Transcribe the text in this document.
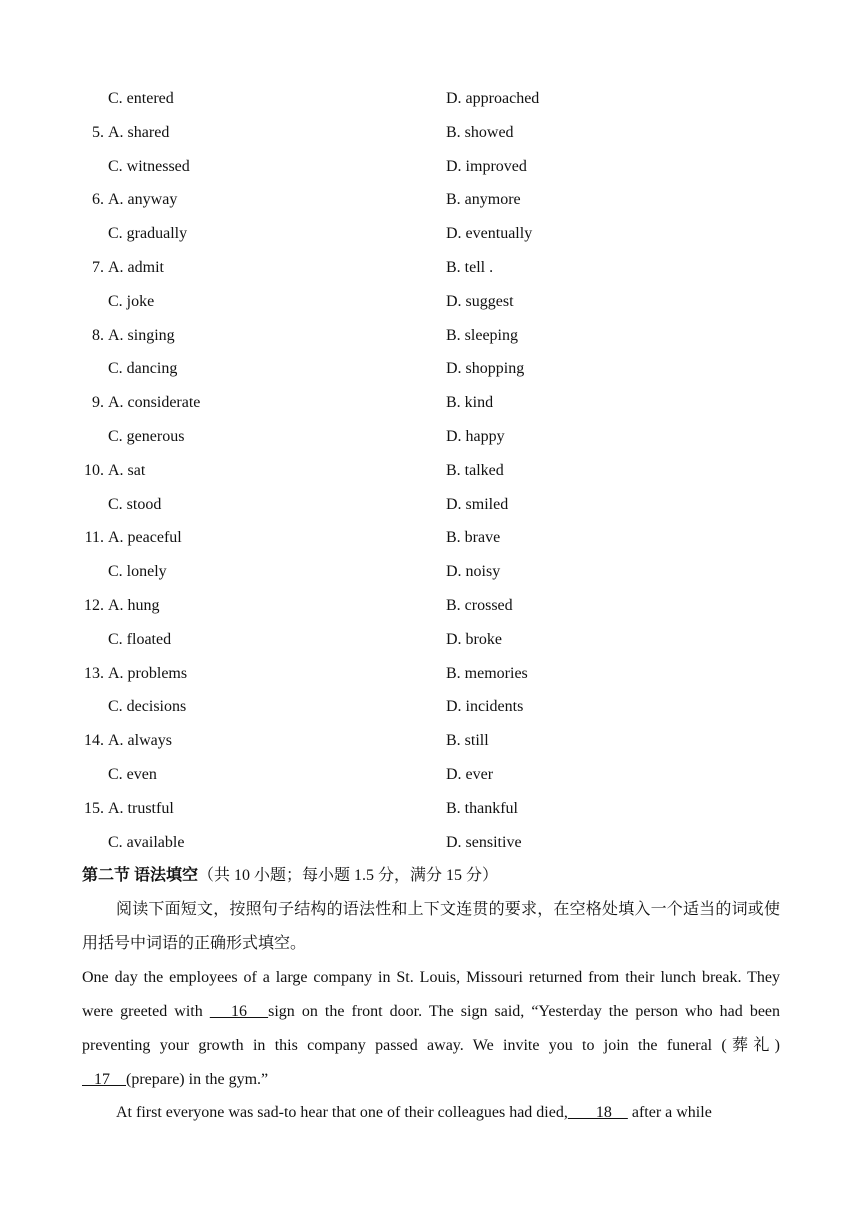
C. entered	D. approached
5. A. shared	B. showed
C. witnessed	D. improved
6. A. anyway	B. anymore
C. gradually	D. eventually
7. A. admit	B. tell .
C. joke	D. suggest
8. A. singing	B. sleeping
C. dancing	D. shopping
9. A. considerate	B. kind
C. generous	D. happy
10. A. sat	B. talked
C. stood	D. smiled
11. A. peaceful	B. brave
C. lonely	D. noisy
12. A. hung	B. crossed
C. floated	D. broke
13. A. problems	B. memories
C. decisions	D. incidents
14. A. always	B. still
C. even	D. ever
15. A. trustful	B. thankful
C. available	D. sensitive
第二节 语法填空（共 10 小题；每小题 1.5 分，满分 15 分）

阅读下面短文，按照句子结构的语法性和上下文连贯的要求，在空格处填入一个适当的词或使用括号中词语的正确形式填空。

One day the employees of a large company in St. Louis, Missouri returned from their lunch break. They were greeted with    16   sign on the front door. The sign said, “Yesterday the person who had been preventing your growth in this company passed away. We invite you to join the funeral (葬礼)    17    (prepare) in the gym.”

At first everyone was sad-to hear that one of their colleagues had died,       18     after a while
